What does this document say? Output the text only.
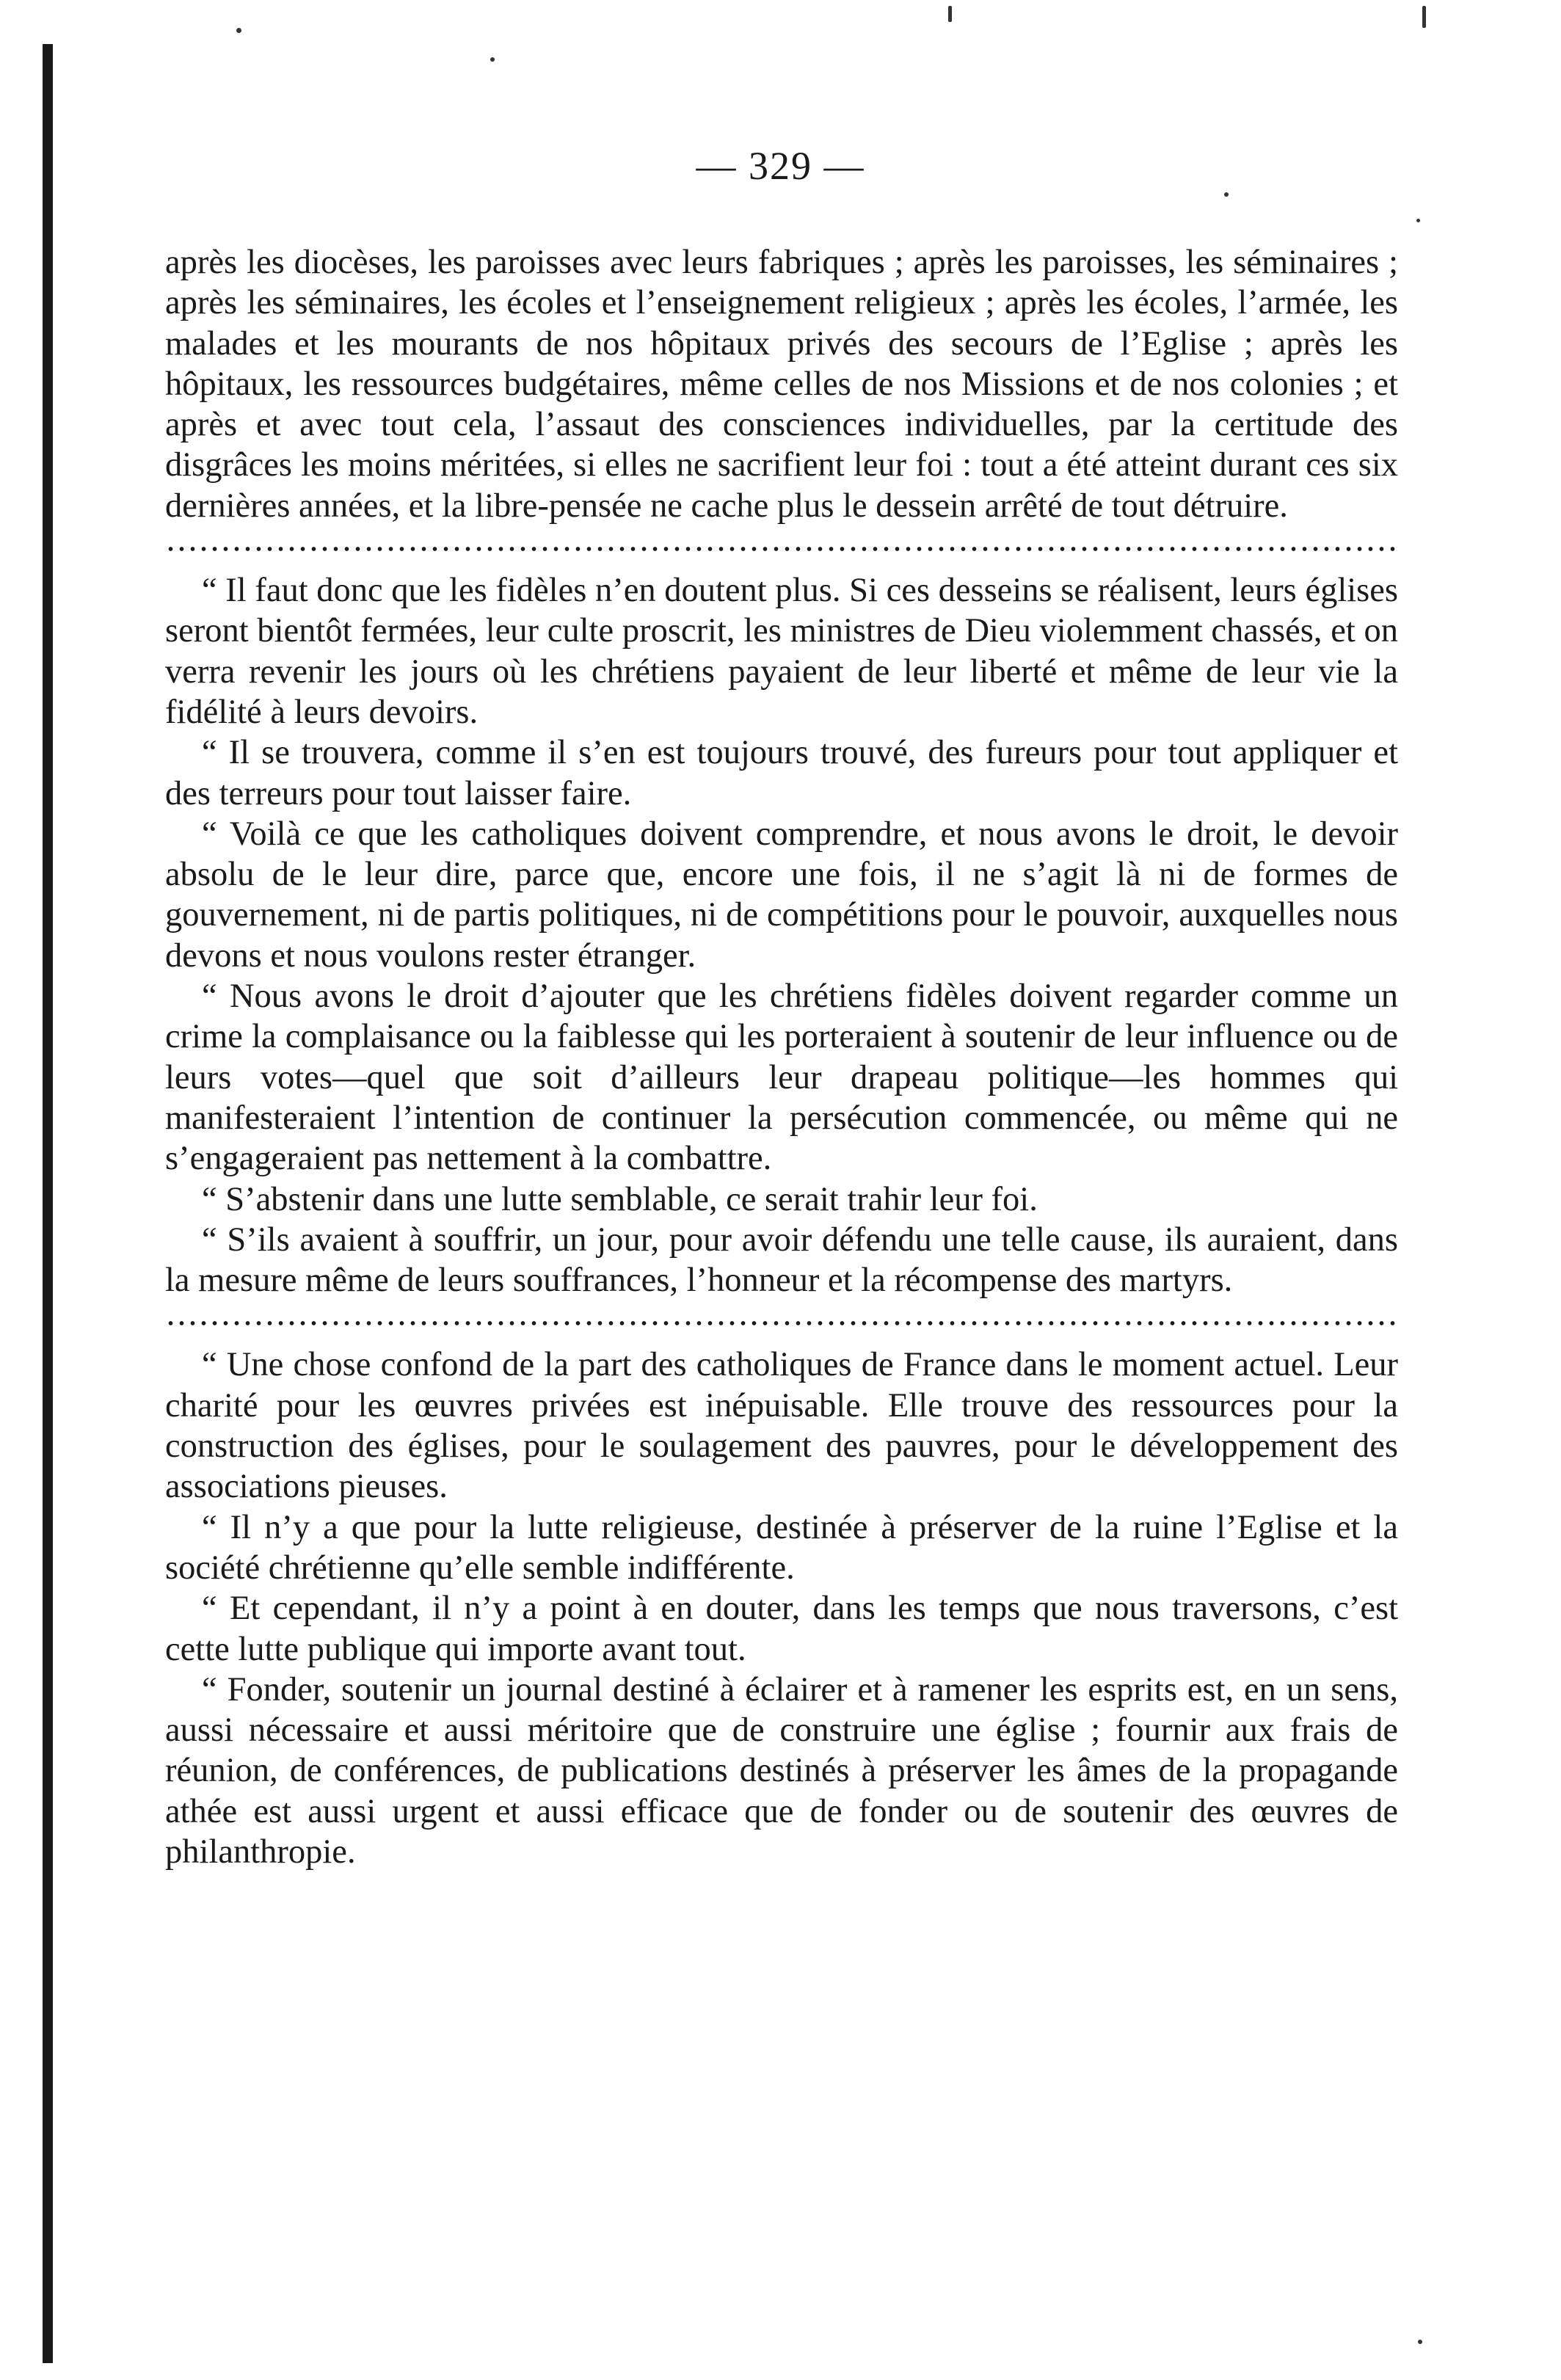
— 329 —

après les diocèses, les paroisses avec leurs fabriques ; après les paroisses, les séminaires ; après les séminaires, les écoles et l’enseignement religieux ; après les écoles, l’armée, les malades et les mourants de nos hôpitaux privés des secours de l’Eglise ; après les hôpitaux, les ressources budgétaires, même celles de nos Missions et de nos colonies ; et après et avec tout cela, l’assaut des consciences individuelles, par la certitude des disgrâces les moins méritées, si elles ne sacrifient leur foi : tout a été atteint durant ces six dernières années, et la libre-pensée ne cache plus le dessein arrêté de tout détruire.

“ Il faut donc que les fidèles n’en doutent plus. Si ces desseins se réalisent, leurs églises seront bientôt fermées, leur culte proscrit, les ministres de Dieu violemment chassés, et on verra revenir les jours où les chrétiens payaient de leur liberté et même de leur vie la fidélité à leurs devoirs.

“ Il se trouvera, comme il s’en est toujours trouvé, des fureurs pour tout appliquer et des terreurs pour tout laisser faire.

“ Voilà ce que les catholiques doivent comprendre, et nous avons le droit, le devoir absolu de le leur dire, parce que, encore une fois, il ne s’agit là ni de formes de gouvernement, ni de partis politiques, ni de compétitions pour le pouvoir, auxquelles nous devons et nous voulons rester étranger.

“ Nous avons le droit d’ajouter que les chrétiens fidèles doivent regarder comme un crime la complaisance ou la faiblesse qui les porteraient à soutenir de leur influence ou de leurs votes—quel que soit d’ailleurs leur drapeau politique—les hommes qui manifesteraient l’intention de continuer la persécution commencée, ou même qui ne s’engageraient pas nettement à la combattre.

“ S’abstenir dans une lutte semblable, ce serait trahir leur foi.

“ S’ils avaient à souffrir, un jour, pour avoir défendu une telle cause, ils auraient, dans la mesure même de leurs souffrances, l’honneur et la récompense des martyrs.

“ Une chose confond de la part des catholiques de France dans le moment actuel. Leur charité pour les œuvres privées est inépuisable. Elle trouve des ressources pour la construction des églises, pour le soulagement des pauvres, pour le développement des associations pieuses.

“ Il n’y a que pour la lutte religieuse, destinée à préserver de la ruine l’Eglise et la société chrétienne qu’elle semble indifférente.

“ Et cependant, il n’y a point à en douter, dans les temps que nous traversons, c’est cette lutte publique qui importe avant tout.

“ Fonder, soutenir un journal destiné à éclairer et à ramener les esprits est, en un sens, aussi nécessaire et aussi méritoire que de construire une église ; fournir aux frais de réunion, de conférences, de publications destinés à préserver les âmes de la propagande athée est aussi urgent et aussi efficace que de fonder ou de soutenir des œuvres de philanthropie.
